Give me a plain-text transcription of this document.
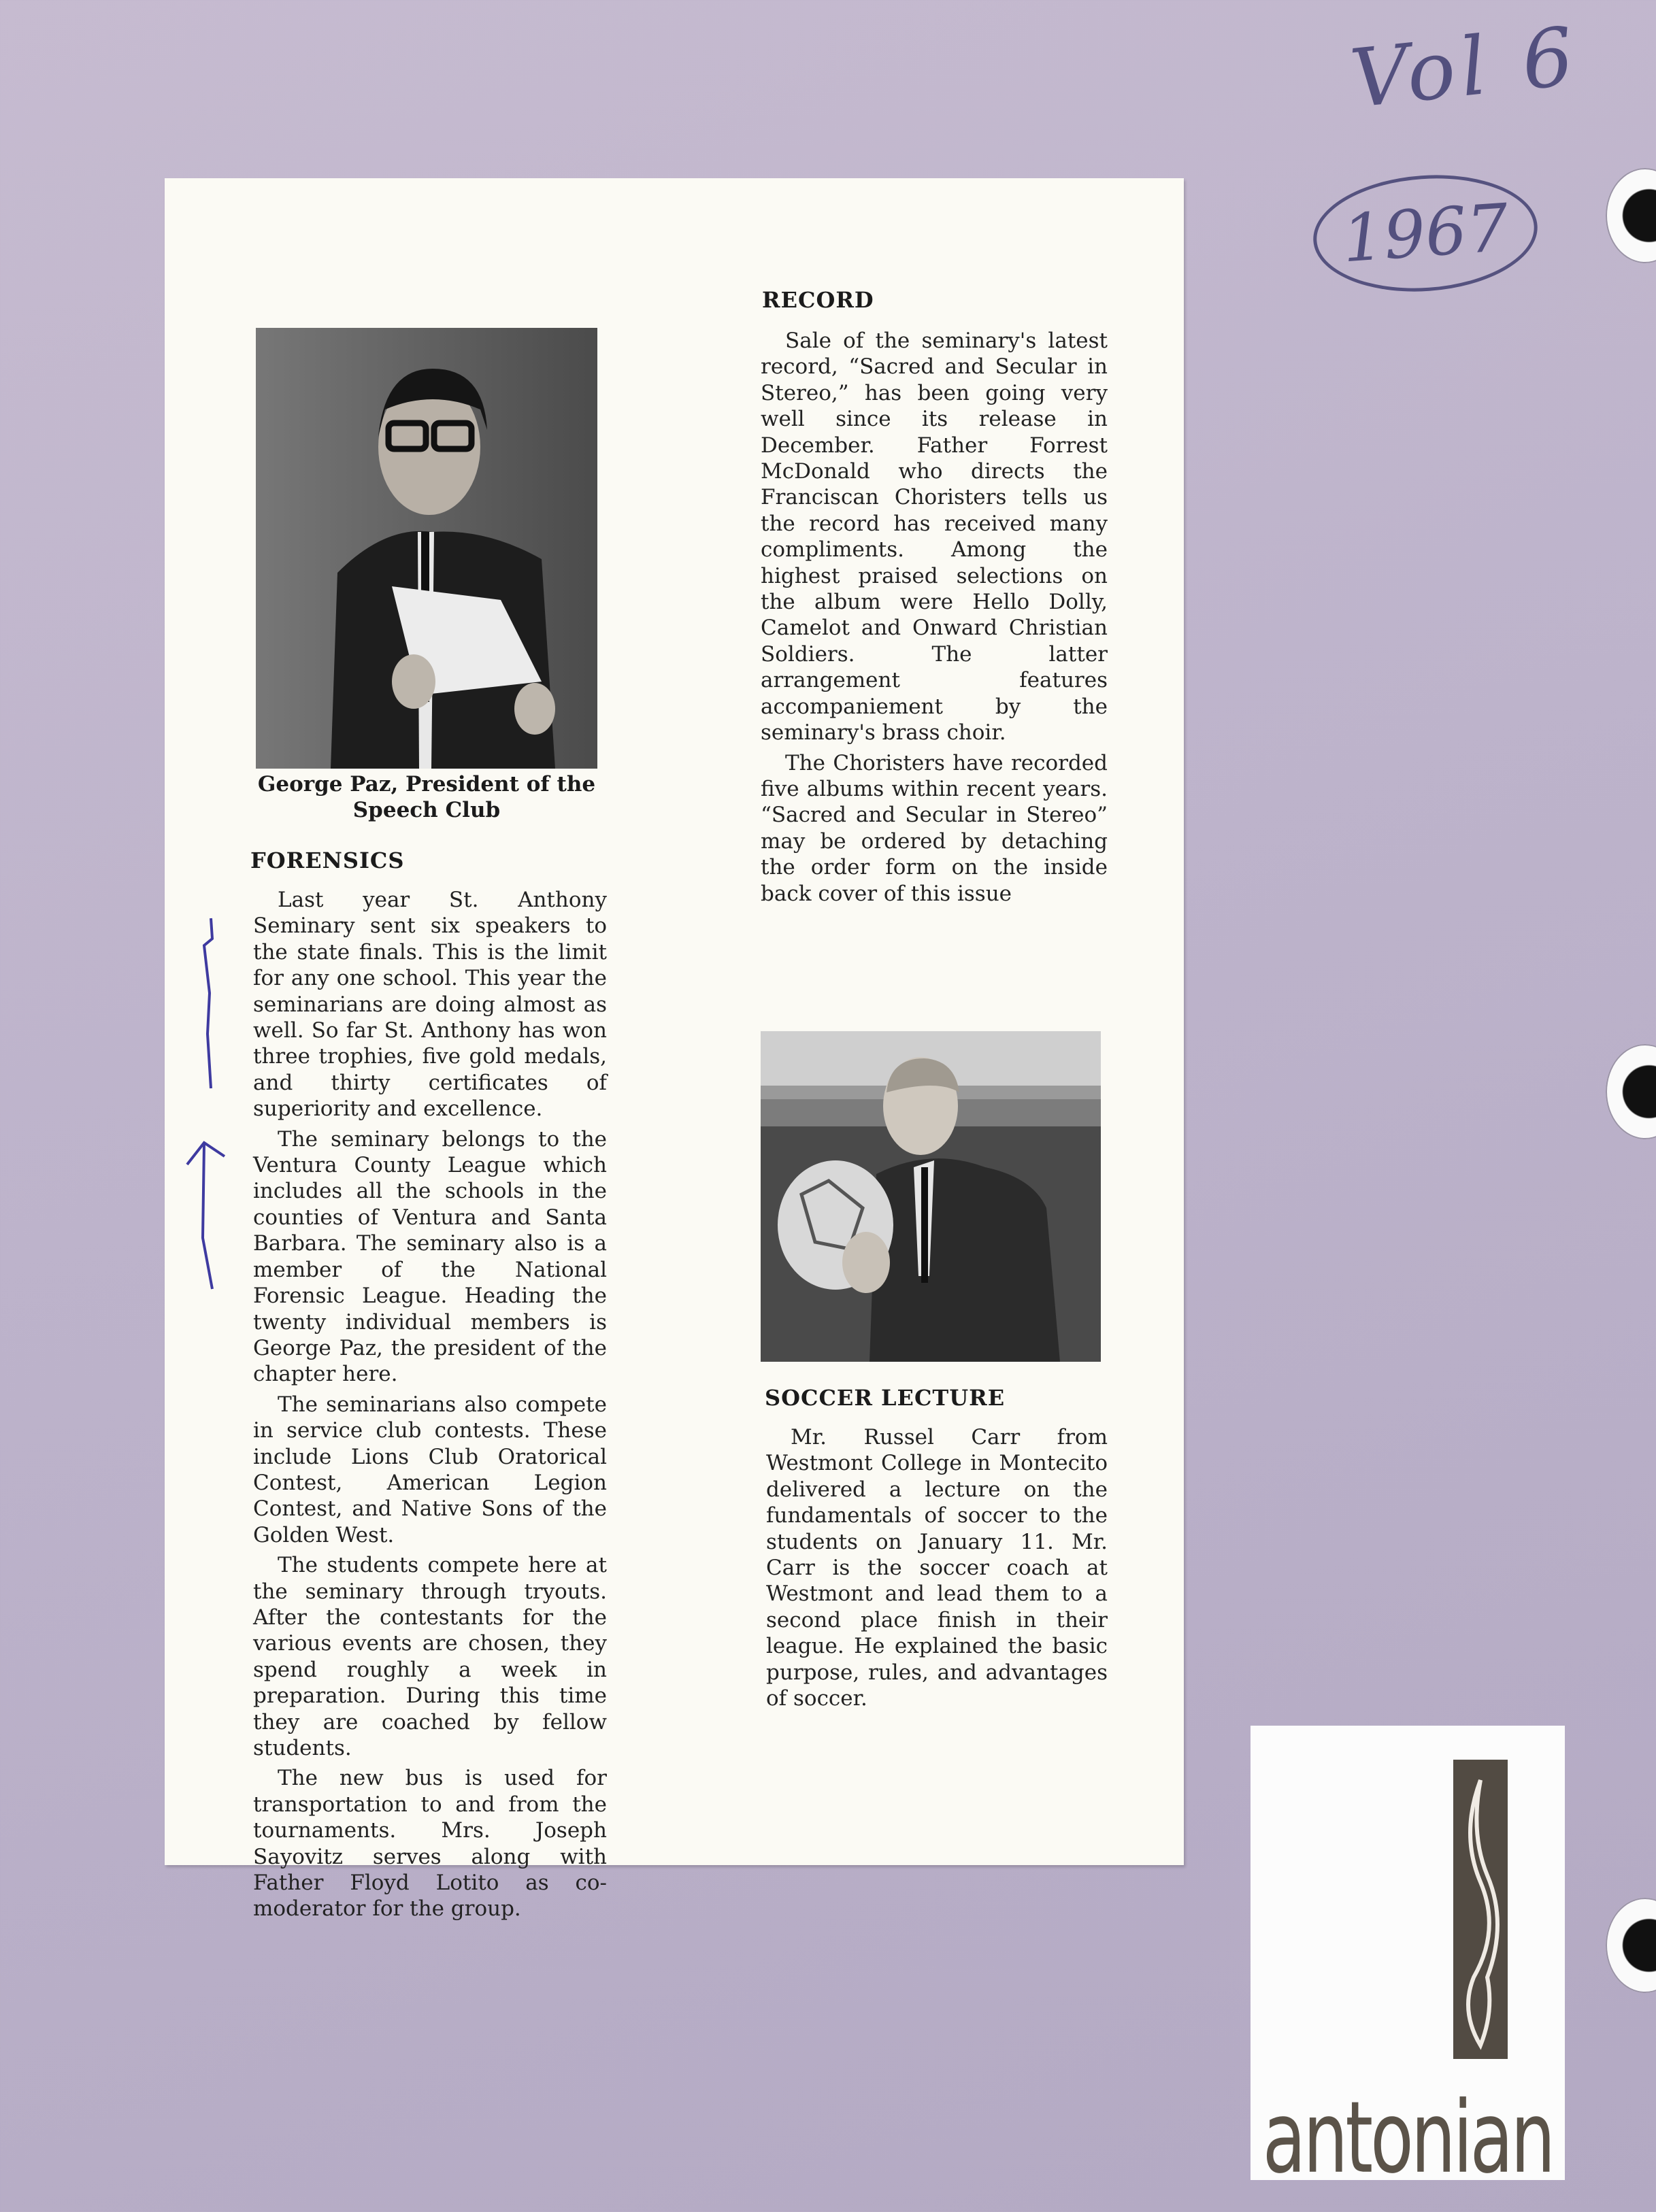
Vol 6
1967
George Paz, President of the Speech Club
FORENSICS

Last year St. Anthony Seminary sent six speakers to the state finals. This is the limit for any one school. This year the seminarians are doing almost as well. So far St. Anthony has won three trophies, five gold medals, and thirty certificates of superiority and excellence.

The seminary belongs to the Ventura County League which includes all the schools in the counties of Ventura and Santa Barbara. The seminary also is a member of the National Forensic League. Heading the twenty individual members is George Paz, the president of the chapter here.

The seminarians also compete in service club contests. These include Lions Club Oratorical Contest, American Legion Contest, and Native Sons of the Golden West.

The students compete here at the seminary through tryouts. After the contestants for the various events are chosen, they spend roughly a week in preparation. During this time they are coached by fellow students.

The new bus is used for transportation to and from the tournaments. Mrs. Joseph Sayovitz serves along with Father Floyd Lotito as co-moderator for the group.

RECORD

Sale of the seminary's latest record, “Sacred and Secular in Stereo,” has been going very well since its release in December. Father Forrest McDonald who directs the Franciscan Choristers tells us the record has received many compliments. Among the highest praised selections on the album were Hello Dolly, Camelot and Onward Christian Soldiers. The latter arrangement features accompaniement by the seminary's brass choir.

The Choristers have recorded five albums within recent years. “Sacred and Secular in Stereo” may be ordered by detaching the order form on the inside back cover of this issue

SOCCER LECTURE

Mr. Russel Carr from Westmont College in Montecito delivered a lecture on the fundamentals of soccer to the students on January 11. Mr. Carr is the soccer coach at Westmont and lead them to a second place finish in their league. He explained the basic purpose, rules, and advantages of soccer.

antonian
